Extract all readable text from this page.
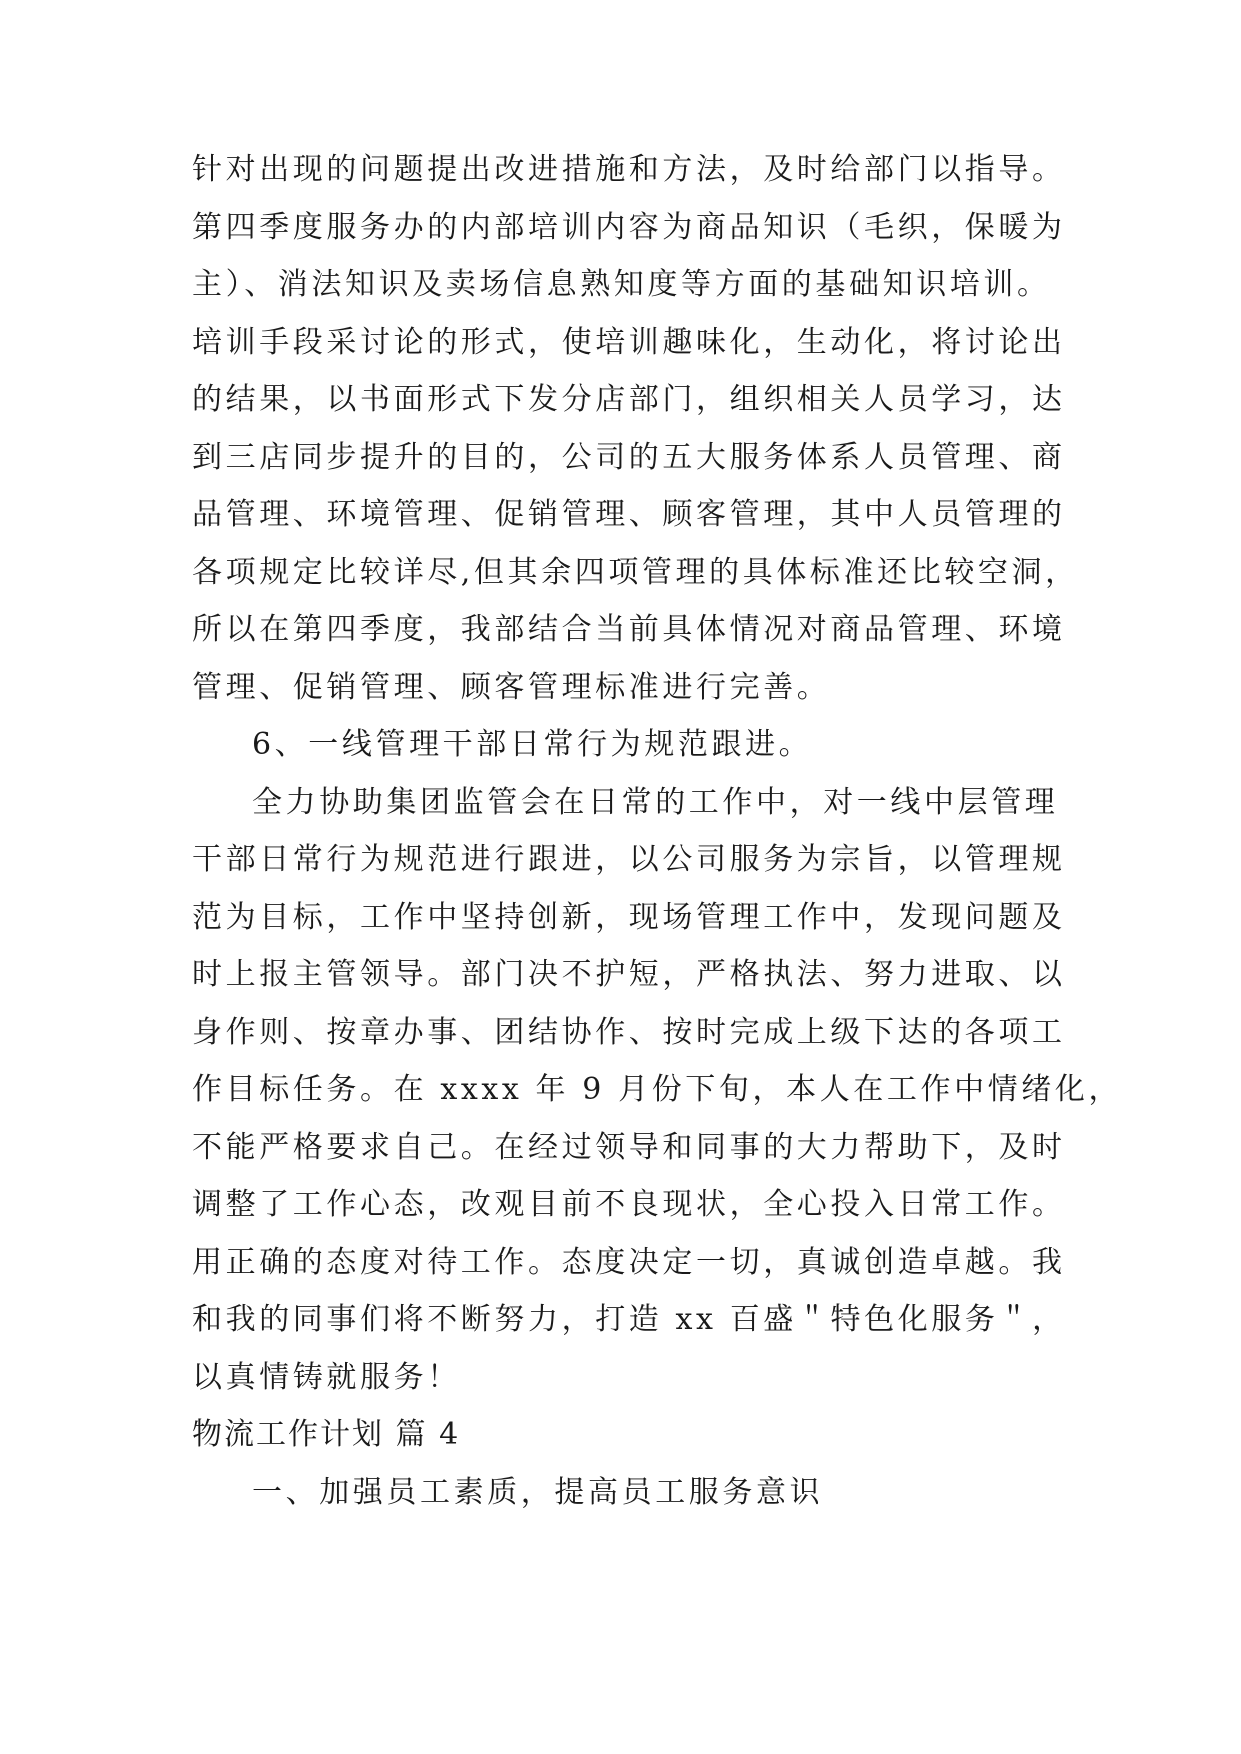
针对出现的问题提出改进措施和方法，及时给部门以指导。
第四季度服务办的内部培训内容为商品知识（毛织，保暖为
主）、消法知识及卖场信息熟知度等方面的基础知识培训。
培训手段采讨论的形式，使培训趣味化，生动化，将讨论出
的结果，以书面形式下发分店部门，组织相关人员学习，达
到三店同步提升的目的，公司的五大服务体系人员管理、商
品管理、环境管理、促销管理、顾客管理，其中人员管理的
各项规定比较详尽,但其余四项管理的具体标准还比较空洞，
所以在第四季度，我部结合当前具体情况对商品管理、环境
管理、促销管理、顾客管理标准进行完善。
6、一线管理干部日常行为规范跟进。
全力协助集团监管会在日常的工作中，对一线中层管理
干部日常行为规范进行跟进，以公司服务为宗旨，以管理规
范为目标，工作中坚持创新，现场管理工作中，发现问题及
时上报主管领导。部门决不护短，严格执法、努力进取、以
身作则、按章办事、团结协作、按时完成上级下达的各项工
作目标任务。在 xxxx 年 9 月份下旬，本人在工作中情绪化，
不能严格要求自己。在经过领导和同事的大力帮助下，及时
调整了工作心态，改观目前不良现状，全心投入日常工作。
用正确的态度对待工作。态度决定一切，真诚创造卓越。我
和我的同事们将不断努力，打造 xx 百盛＂特色化服务＂，
以真情铸就服务！
物流工作计划 篇 4
一、加强员工素质，提高员工服务意识
